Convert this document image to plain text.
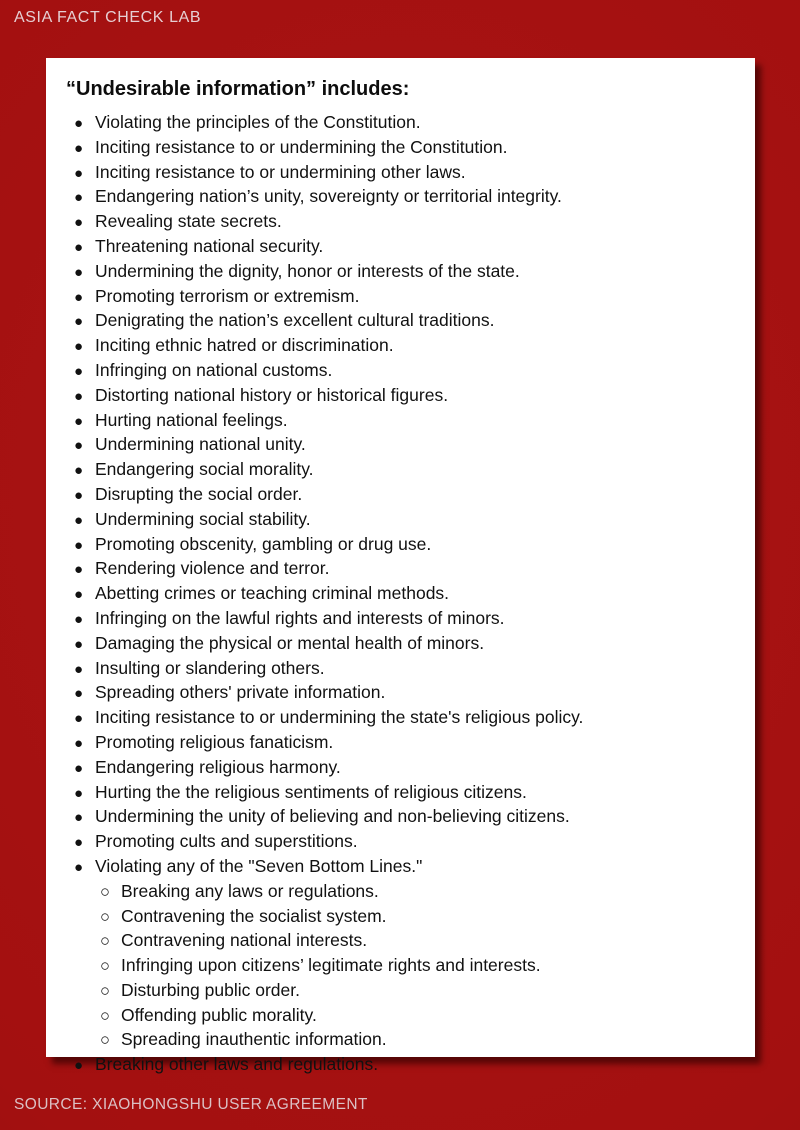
ASIA FACT CHECK LAB
“Undesirable information” includes:
● Violating the principles of the Constitution.
● Inciting resistance to or undermining the Constitution.
● Inciting resistance to or undermining other laws.
● Endangering nation’s unity, sovereignty or territorial integrity.
● Revealing state secrets.
● Threatening national security.
● Undermining the dignity, honor or interests of the state.
● Promoting terrorism or extremism.
● Denigrating the nation’s excellent cultural traditions.
● Inciting ethnic hatred or discrimination.
● Infringing on national customs.
● Distorting national history or historical figures.
● Hurting national feelings.
● Undermining national unity.
● Endangering social morality.
● Disrupting the social order.
● Undermining social stability.
● Promoting obscenity, gambling or drug use.
● Rendering violence and terror.
● Abetting crimes or teaching criminal methods.
● Infringing on the lawful rights and interests of minors.
● Damaging the physical or mental health of minors.
● Insulting or slandering others.
● Spreading others' private information.
● Inciting resistance to or undermining the state's religious policy.
● Promoting religious fanaticism.
● Endangering religious harmony.
● Hurting the the religious sentiments of religious citizens.
● Undermining the unity of believing and non-believing citizens.
● Promoting cults and superstitions.
● Violating any of the "Seven Bottom Lines."
○ Breaking any laws or regulations.
○ Contravening the socialist system.
○ Contravening national interests.
○ Infringing upon citizens’ legitimate rights and interests.
○ Disturbing public order.
○ Offending public morality.
○ Spreading inauthentic information.
● Breaking other laws and regulations.
SOURCE: XIAOHONGSHU USER AGREEMENT
